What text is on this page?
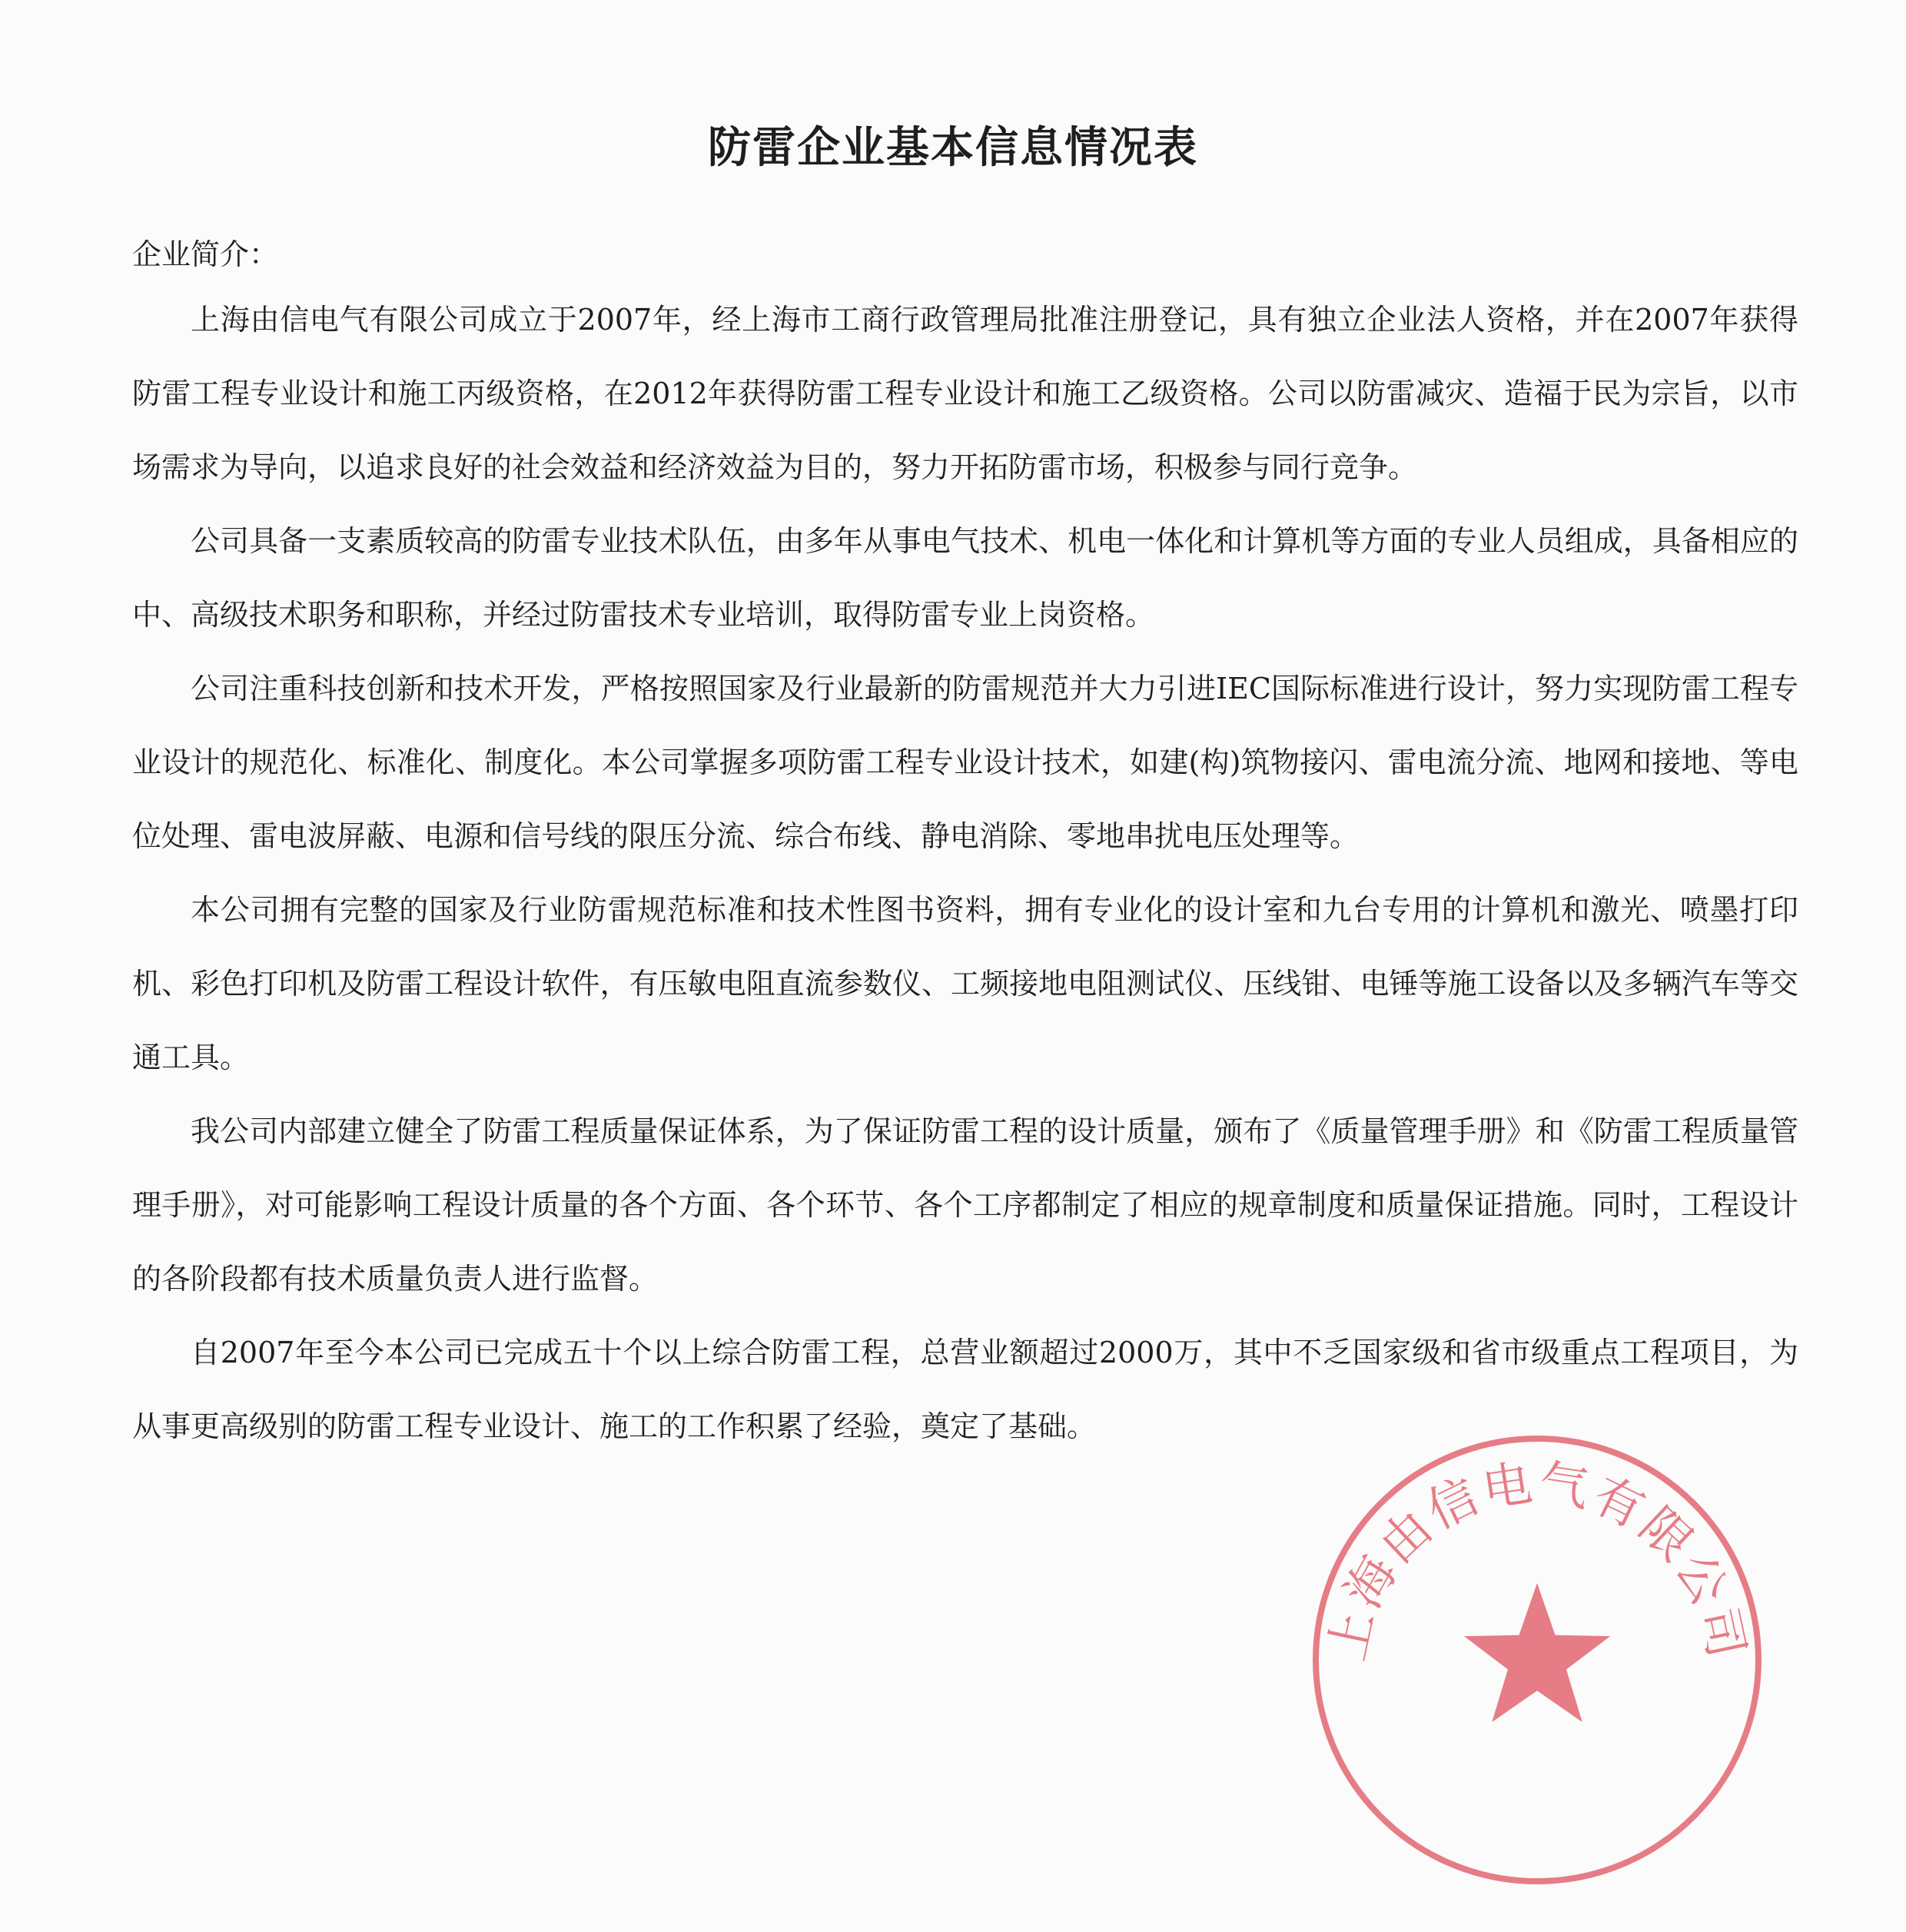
防雷企业基本信息情况表
企业简介：

上海由信电气有限公司成立于2007年，经上海市工商行政管理局批准注册登记，具有独立企业法人资格，并在2007年获得防雷工程专业设计和施工丙级资格，在2012年获得防雷工程专业设计和施工乙级资格。公司以防雷减灾、造福于民为宗旨，以市场需求为导向，以追求良好的社会效益和经济效益为目的，努力开拓防雷市场，积极参与同行竞争。

公司具备一支素质较高的防雷专业技术队伍，由多年从事电气技术、机电一体化和计算机等方面的专业人员组成，具备相应的中、高级技术职务和职称，并经过防雷技术专业培训，取得防雷专业上岗资格。

公司注重科技创新和技术开发，严格按照国家及行业最新的防雷规范并大力引进IEC国际标准进行设计，努力实现防雷工程专业设计的规范化、标准化、制度化。本公司掌握多项防雷工程专业设计技术，如建(构)筑物接闪、雷电流分流、地网和接地、等电位处理、雷电波屏蔽、电源和信号线的限压分流、综合布线、静电消除、零地串扰电压处理等。

本公司拥有完整的国家及行业防雷规范标准和技术性图书资料，拥有专业化的设计室和九台专用的计算机和激光、喷墨打印机、彩色打印机及防雷工程设计软件，有压敏电阻直流参数仪、工频接地电阻测试仪、压线钳、电锤等施工设备以及多辆汽车等交通工具。

我公司内部建立健全了防雷工程质量保证体系，为了保证防雷工程的设计质量，颁布了《质量管理手册》和《防雷工程质量管理手册》，对可能影响工程设计质量的各个方面、各个环节、各个工序都制定了相应的规章制度和质量保证措施。同时，工程设计的各阶段都有技术质量负责人进行监督。

自2007年至今本公司已完成五十个以上综合防雷工程，总营业额超过2000万，其中不乏国家级和省市级重点工程项目，为从事更高级别的防雷工程专业设计、施工的工作积累了经验，奠定了基础。

上海由信电气有限公司
